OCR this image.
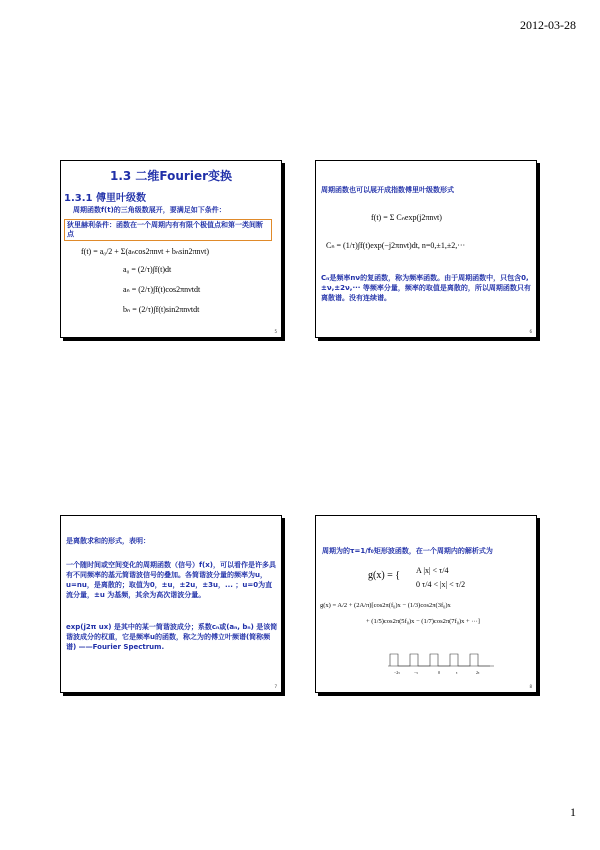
2012-03-28
1.3 二维Fourier变换
1.3.1 傅里叶级数
周期函数f(t)的三角级数展开，要满足如下条件：
狄里赫利条件：函数在一个周期内有有限个极值点和第一类间断点
f(t) = a₀/2 + Σ(aₙcos2πnνt + bₙsin2πnνt)
a₀ = (2/τ)∫f(t)dt
aₙ = (2/τ)∫f(t)cos2πnνtdt
bₙ = (2/τ)∫f(t)sin2πnνtdt
5
周期函数也可以展开成指数傅里叶级数形式
f(t) = Σ Cₙexp(j2πnνt)
Cₙ = (1/τ)∫f(t)exp(−j2πnνt)dt, n=0,±1,±2,···
Cₙ是频率nν的复函数，称为频率函数。由于周期函数中，只包含0,±ν,±2ν,··· 等频率分量，频率的取值是离散的，所以周期函数只有离散谱。没有连续谱。
6
是离散求和的形式，表明：
一个随时间或空间变化的周期函数（信号）f(x)，可以看作是许多具有不同频率的基元简谐波信号的叠加。各简谐波分量的频率为u，u=nu，是离散的；取值为0，±u，±2u，±3u，... ；u=0为直流分量，±u 为基频，其余为高次谐波分量。
exp(j2π ux) 是其中的某一简谐波成分；系数cₙ或(aₙ, bₙ) 是该简谐波成分的权重，它是频率u的函数，称之为的傅立叶频谱(简称频谱) ——Fourier Spectrum.
7
周期为的τ=1/f₀矩形波函数，在一个周期内的解析式为
g(x) = { A |x| < τ/4
0 τ/4 < |x| < τ/2
g(x) = A/2 + (2A/π)[cos2π(f₀)x − (1/3)cos2π(3f₀)x
+ (1/5)cos2π(5f₀)x − (1/7)cos2π(7f₀)x + ···]
−2τ	−τ	0	τ	2τ
8
1
